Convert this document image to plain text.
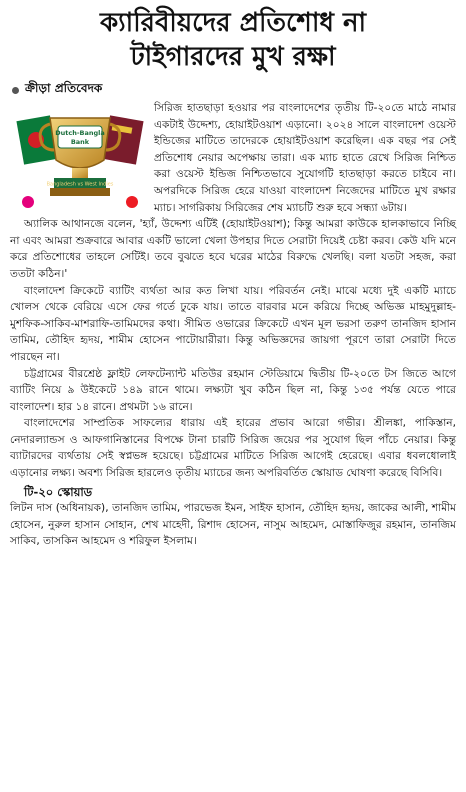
ক্যারিবীয়দের প্রতিশোধ না
টাইগারদের মুখ রক্ষা
ক্রীড়া প্রতিবেদক
Dutch-Bangla
Bank
Bangladesh vs West Indies

সিরিজ হাতছাড়া হওয়ার পর বাংলাদেশের তৃতীয় টি-২০তে মাঠে নামার একটাই উদ্দেশ্য, হোয়াইটওয়াশ এড়ানো। ২০২৪ সালে বাংলাদেশ ওয়েস্ট ইন্ডিজের মাটিতে তাদেরকে হোয়াইটওয়াশ করেছিল। এক বছর পর সেই প্রতিশোধ নেয়ার অপেক্ষায় তারা। এক ম্যাচ হাতে রেখে সিরিজ নিশ্চিত করা ওয়েস্ট ইন্ডিজ নিশ্চিতভাবে সুযোগটি হাতছাড়া করতে চাইবে না। অপরদিকে সিরিজ হেরে যাওয়া বাংলাদেশ নিজেদের মাটিতে মুখ রক্ষার ম্যাচ। সাগরিকায় সিরিজের শেষ ম্যাচটি শুরু হবে সন্ধ্যা ৬টায়।

অ্যালিক আথানজে বলেন, 'হ্যাঁ, উদ্দেশ্য এটিই (হোয়াইটওয়াশ); কিন্তু আমরা কাউকে হালকাভাবে নিচ্ছি না এবং আমরা শুক্রবারে আবার একটি ভালো খেলা উপহার দিতে সেরাটা দিয়েই চেষ্টা করব। কেউ যদি মনে করে প্রতিশোধের তাহলে সেটিই। তবে বুঝতে হবে ঘরের মাঠের বিরুদ্ধে খেলছি। বলা যতটা সহজ, করা ততটা কঠিন।'

বাংলাদেশ ক্রিকেটে ব্যাটিং ব্যর্থতা আর কত লিখা যায়। পরিবর্তন নেই। মাঝে মধ্যে দুই একটি ম্যাচে খোলস থেকে বেরিয়ে এসে ফের গর্তে ঢুকে যায়। তাতে বারবার মনে করিয়ে দিচ্ছে অভিজ্ঞ মাহমুদুল্লাহ-মুশফিক-সাকিব-মাশরাফি-তামিমদের কথা। সীমিত ওভারের ক্রিকেটে এখন মূল ভরসা তরুণ তানজিদ হাসান তামিম, তৌহিদ হৃদয়, শামীম হোসেন পাটোয়ারীরা। কিন্তু অভিজ্ঞদের জায়গা পূরণে তারা সেরাটা দিতে পারছেন না।

চট্টগ্রামের বীরশ্রেষ্ঠ ফ্লাইট লেফটেন্যান্ট মতিউর রহমান স্টেডিয়ামে দ্বিতীয় টি-২০তে টস জিতে আগে ব্যাটিং নিয়ে ৯ উইকেটে ১৪৯ রানে থামে। লক্ষ্যটা খুব কঠিন ছিল না, কিন্তু ১৩৫ পর্যন্ত যেতে পারে বাংলাদেশ। হার ১৪ রানে। প্রথমটা ১৬ রানে।

বাংলাদেশের সাম্প্রতিক সাফল্যের ধারায় এই হারের প্রভাব আরো গভীর। শ্রীলঙ্কা, পাকিস্তান, নেদারল্যান্ডস ও আফগানিস্তানের বিপক্ষে টানা চারটি সিরিজ জয়ের পর সুযোগ ছিল পাঁচে নেয়ার। কিন্তু ব্যাটারদের ব্যর্থতায় সেই স্বপ্নভঙ্গ হয়েছে। চট্টগ্রামের মাটিতে সিরিজ আগেই হেরেছে। এবার ধবলধোলাই এড়ানোর লক্ষ্য। অবশ্য সিরিজ হারলেও তৃতীয় ম্যাচের জন্য অপরিবর্তিত স্কোয়াড ঘোষণা করেছে বিসিবি।

টি-২০ স্কোয়াড

লিটন দাস (অধিনায়ক), তানজিদ তামিম, পারভেজ ইমন, সাইফ হাসান, তৌহিদ হৃদয়, জাকের আলী, শামীম হোসেন, নুরুল হাসান সোহান, শেখ মাহেদী, রিশাদ হোসেন, নাসুম আহমেদ, মোস্তাফিজুর রহমান, তানজিম সাকিব, তাসকিন আহমেদ ও শরিফুল ইসলাম।
